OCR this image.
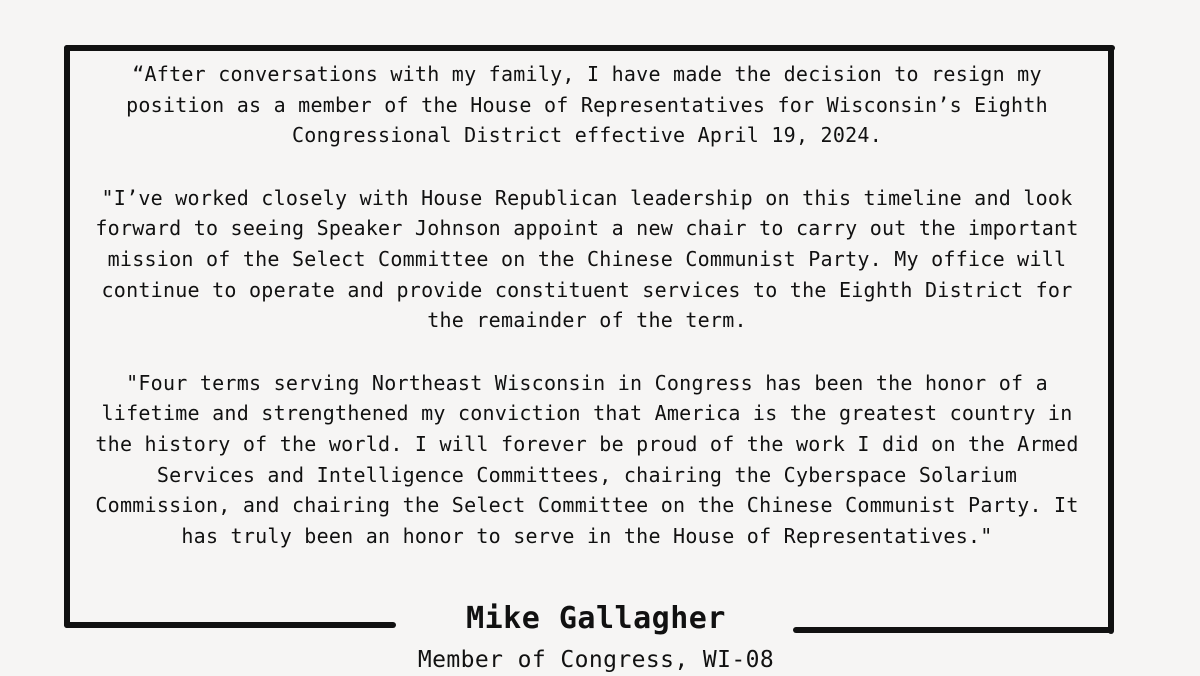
“After conversations with my family, I have made the decision to resign my position as a member of the House of Representatives for Wisconsin’s Eighth Congressional District effective April 19, 2024.

"I’ve worked closely with House Republican leadership on this timeline and look forward to seeing Speaker Johnson appoint a new chair to carry out the important mission of the Select Committee on the Chinese Communist Party. My office will continue to operate and provide constituent services to the Eighth District for the remainder of the term.

"Four terms serving Northeast Wisconsin in Congress has been the honor of a lifetime and strengthened my conviction that America is the greatest country in the history of the world. I will forever be proud of the work I did on the Armed Services and Intelligence Committees, chairing the Cyberspace Solarium Commission, and chairing the Select Committee on the Chinese Communist Party. It has truly been an honor to serve in the House of Representatives."

Mike Gallagher
Member of Congress, WI-08
